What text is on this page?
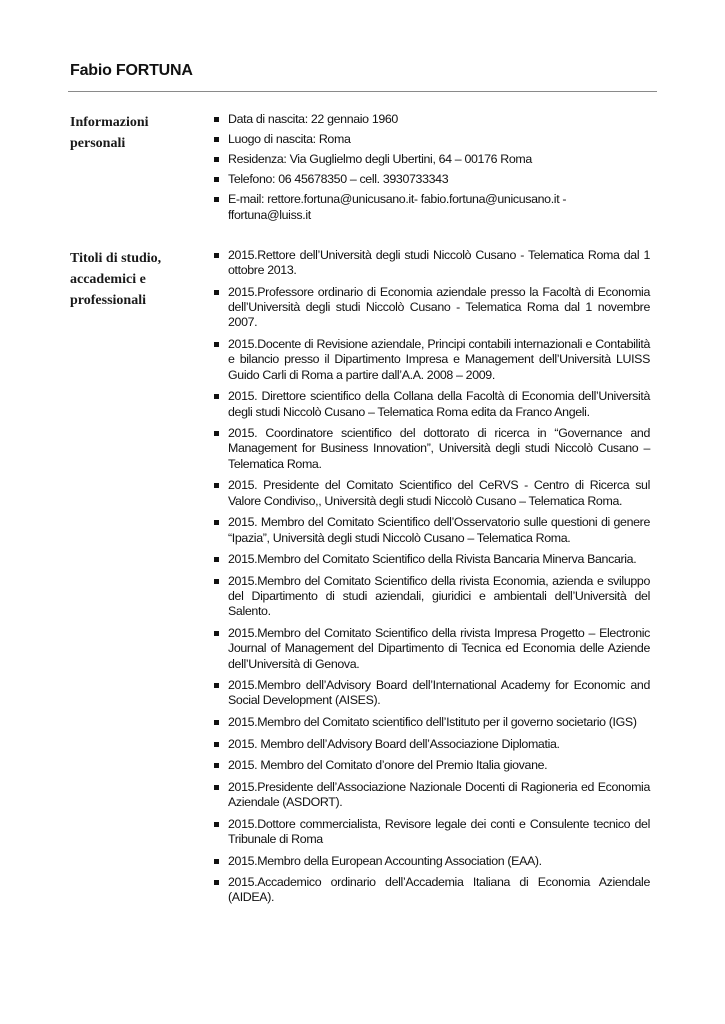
Fabio FORTUNA
Informazioni personali
Data di nascita: 22 gennaio 1960
Luogo di nascita: Roma
Residenza: Via Guglielmo degli Ubertini, 64 – 00176 Roma
Telefono: 06 45678350 – cell. 3930733343
E-mail: rettore.fortuna@unicusano.it- fabio.fortuna@unicusano.it - ffortuna@luiss.it
Titoli di studio, accademici e professionali
2015.Rettore dell’Università degli studi Niccolò Cusano - Telematica Roma dal 1 ottobre 2013.
2015.Professore ordinario di Economia aziendale presso la Facoltà di Economia dell’Università degli studi Niccolò Cusano - Telematica Roma dal 1 novembre 2007.
2015.Docente di Revisione aziendale, Principi contabili internazionali e Contabilità e bilancio presso il Dipartimento Impresa e Management dell’Università LUISS Guido Carli di Roma a partire dall’A.A. 2008 – 2009.
2015. Direttore scientifico della Collana della Facoltà di Economia dell’Università degli studi Niccolò Cusano – Telematica Roma edita da Franco Angeli.
2015. Coordinatore scientifico del dottorato di ricerca in “Governance and Management for Business Innovation”, Università degli studi Niccolò Cusano – Telematica Roma.
2015. Presidente del Comitato Scientifico del CeRVS - Centro di Ricerca sul Valore Condiviso,, Università degli studi Niccolò Cusano – Telematica Roma.
2015. Membro del Comitato Scientifico dell’Osservatorio sulle questioni di genere “Ipazia”, Università degli studi Niccolò Cusano – Telematica Roma.
2015.Membro del Comitato Scientifico della Rivista Bancaria Minerva Bancaria.
2015.Membro del Comitato Scientifico della rivista Economia, azienda e sviluppo del Dipartimento di studi aziendali, giuridici e ambientali dell’Università del Salento.
2015.Membro del Comitato Scientifico della rivista Impresa Progetto – Electronic Journal of Management del Dipartimento di Tecnica ed Economia delle Aziende dell’Università di Genova.
2015.Membro dell’Advisory Board dell’International Academy for Economic and Social Development (AISES).
2015.Membro del Comitato scientifico dell’Istituto per il governo societario (IGS)
2015. Membro dell’Advisory Board dell’Associazione Diplomatia.
2015. Membro del Comitato d’onore del Premio Italia giovane.
2015.Presidente dell’Associazione Nazionale Docenti di Ragioneria ed Economia Aziendale (ASDORT).
2015.Dottore commercialista, Revisore legale dei conti e Consulente tecnico del Tribunale di Roma
2015.Membro della European Accounting Association (EAA).
2015.Accademico ordinario dell’Accademia Italiana di Economia Aziendale (AIDEA).
